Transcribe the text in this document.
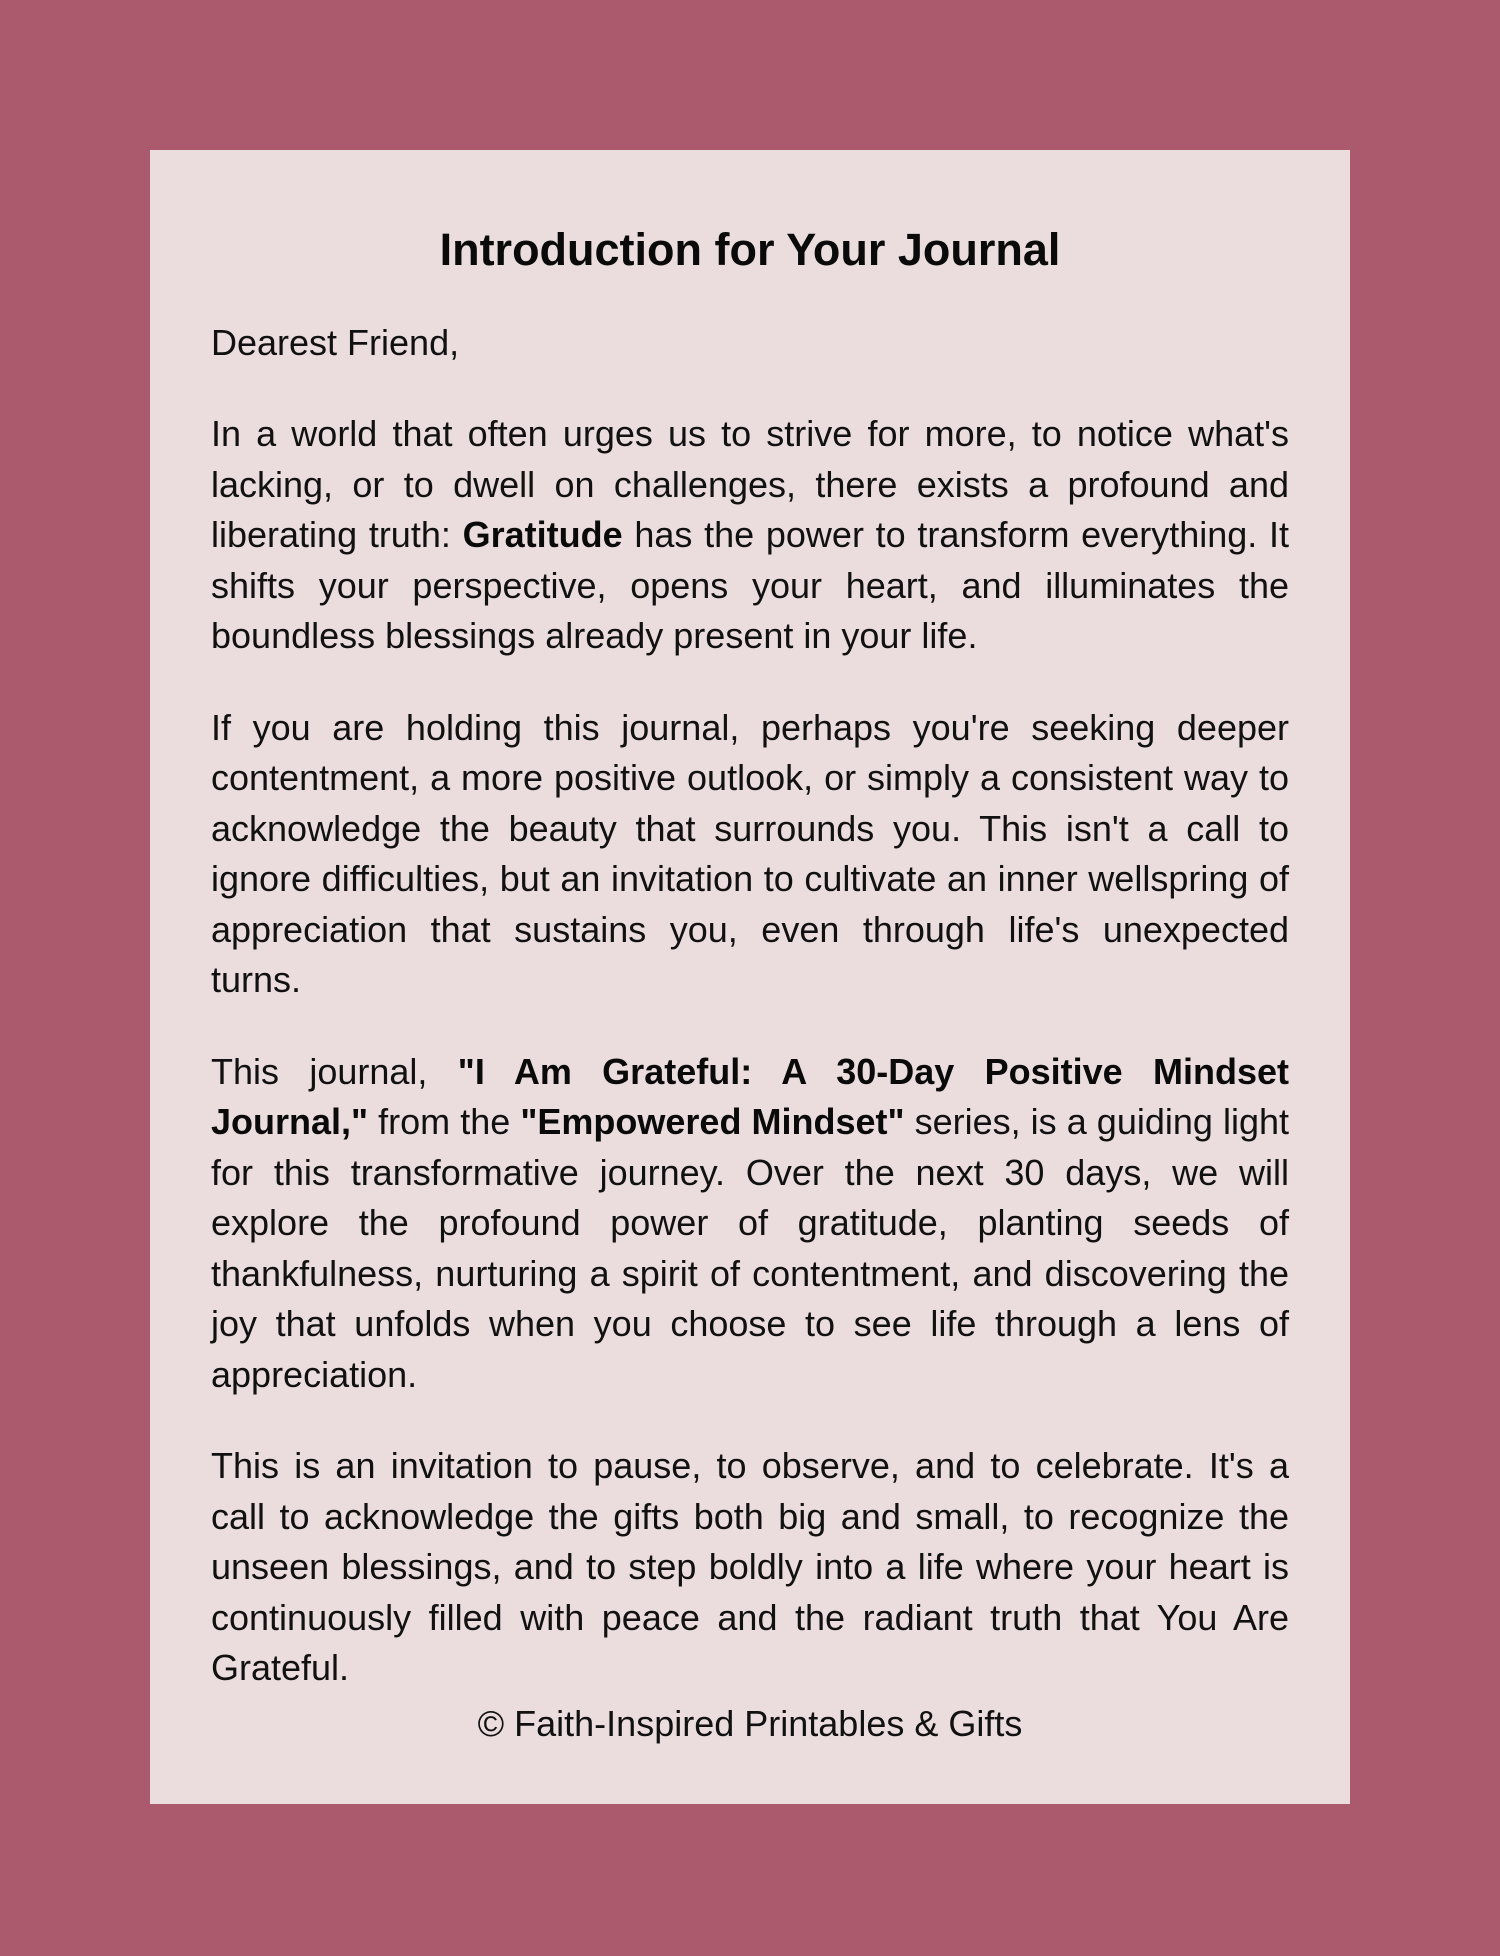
Introduction for Your Journal

Dearest Friend,

In a world that often urges us to strive for more, to notice what's lacking, or to dwell on challenges, there exists a profound and liberating truth: Gratitude has the power to transform everything. It shifts your perspective, opens your heart, and illuminates the boundless blessings already present in your life.

If you are holding this journal, perhaps you're seeking deeper contentment, a more positive outlook, or simply a consistent way to acknowledge the beauty that surrounds you. This isn't a call to ignore difficulties, but an invitation to cultivate an inner wellspring of appreciation that sustains you, even through life's unexpected turns.

This journal, "I Am Grateful: A 30-Day Positive Mindset Journal," from the "Empowered Mindset" series, is a guiding light for this transformative journey. Over the next 30 days, we will explore the profound power of gratitude, planting seeds of thankfulness, nurturing a spirit of contentment, and discovering the joy that unfolds when you choose to see life through a lens of appreciation.

This is an invitation to pause, to observe, and to celebrate. It's a call to acknowledge the gifts both big and small, to recognize the unseen blessings, and to step boldly into a life where your heart is continuously filled with peace and the radiant truth that You Are Grateful.

© Faith-Inspired Printables & Gifts
